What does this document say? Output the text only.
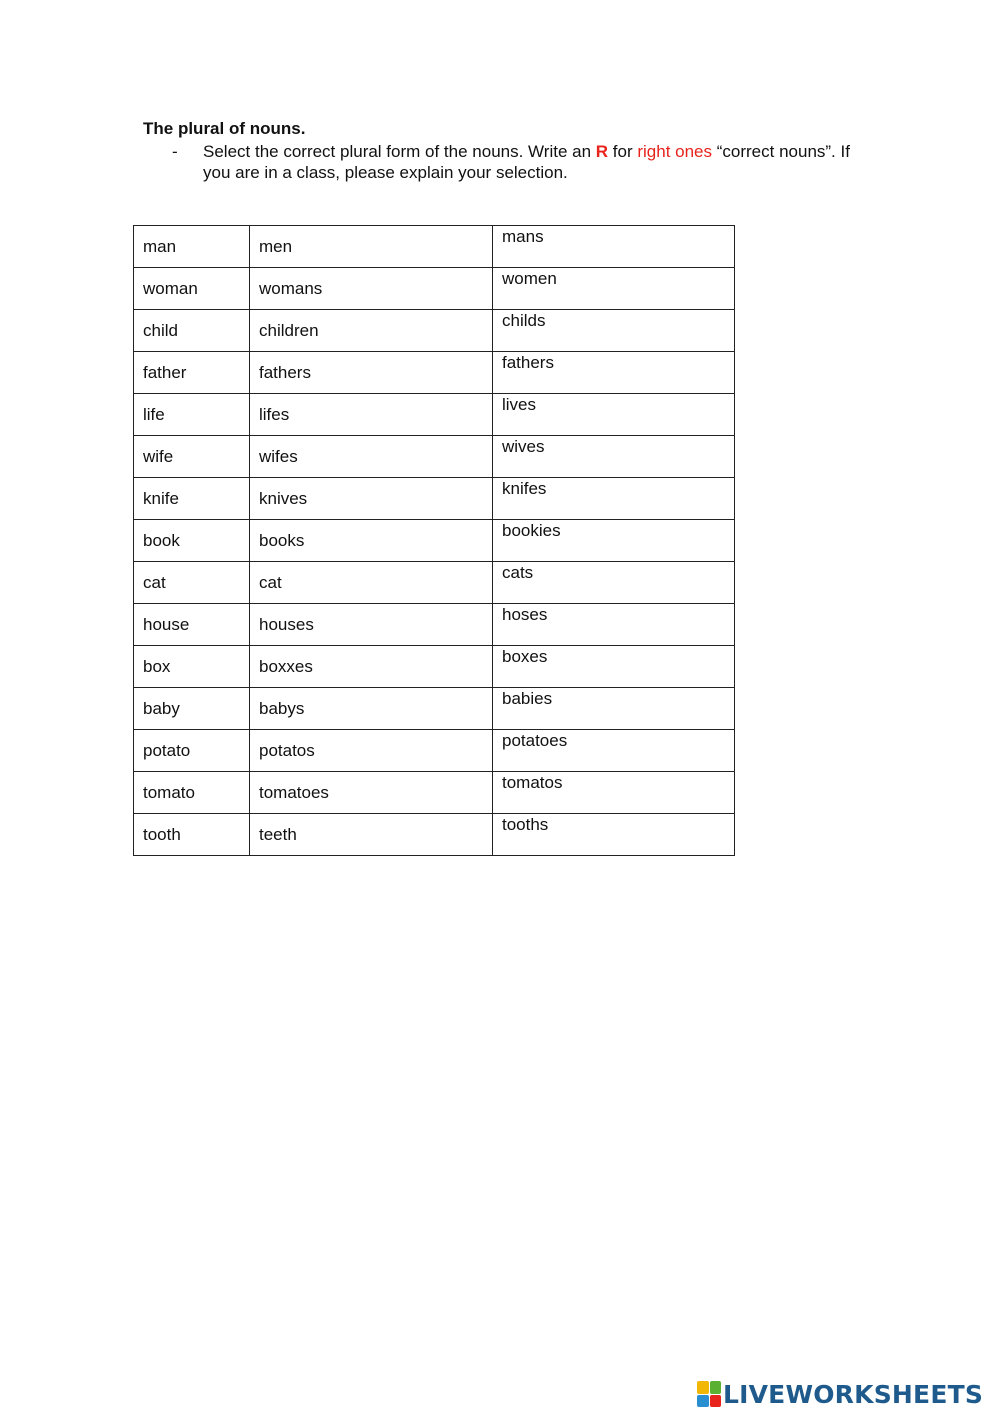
The plural of nouns.

- Select the correct plural form of the nouns. Write an R for right ones “correct nouns”. If you are in a class, please explain your selection.

man	men	mans
woman	womans	women
child	children	childs
father	fathers	fathers
life	lifes	lives
wife	wifes	wives
knife	knives	knifes
book	books	bookies
cat	cat	cats
house	houses	hoses
box	boxxes	boxes
baby	babys	babies
potato	potatos	potatoes
tomato	tomatoes	tomatos
tooth	teeth	tooths
LIVEWORKSHEETS
